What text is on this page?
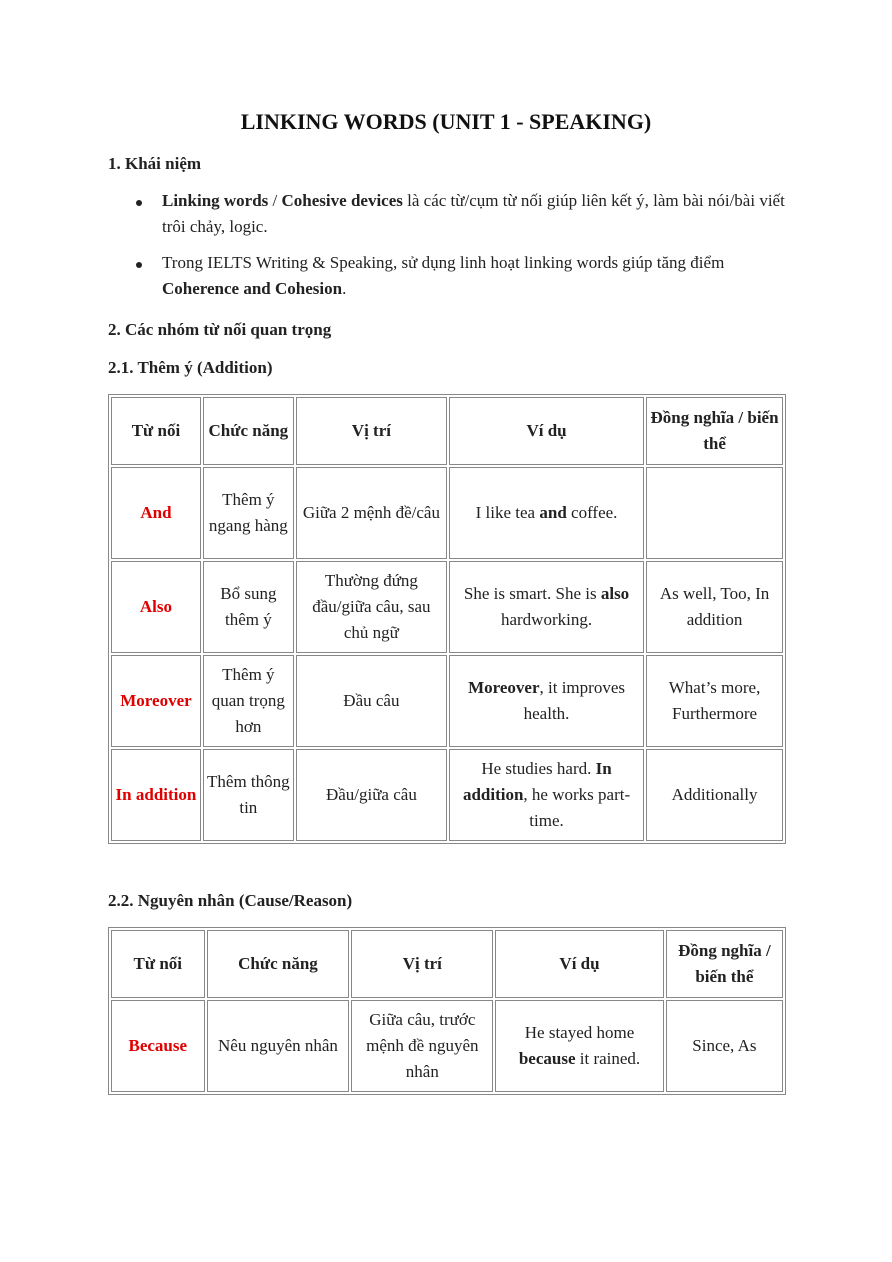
LINKING WORDS (UNIT 1 - SPEAKING)
1. Khái niệm
Linking words / Cohesive devices là các từ/cụm từ nối giúp liên kết ý, làm bài nói/bài viết trôi chảy, logic.
Trong IELTS Writing & Speaking, sử dụng linh hoạt linking words giúp tăng điểm Coherence and Cohesion.
2. Các nhóm từ nối quan trọng
2.1. Thêm ý (Addition)
Từ nối	Chức năng	Vị trí	Ví dụ	Đồng nghĩa / biến thể
And	Thêm ý ngang hàng	Giữa 2 mệnh đề/câu	I like tea and coffee.	
Also	Bổ sung thêm ý	Thường đứng đầu/giữa câu, sau chủ ngữ	She is smart. She is also hardworking.	As well, Too, In addition
Moreover	Thêm ý quan trọng hơn	Đầu câu	Moreover, it improves health.	What’s more, Furthermore
In addition	Thêm thông tin	Đầu/giữa câu	He studies hard. In addition, he works part-time.	Additionally
2.2. Nguyên nhân (Cause/Reason)
Từ nối	Chức năng	Vị trí	Ví dụ	Đồng nghĩa / biến thể
Because	Nêu nguyên nhân	Giữa câu, trước mệnh đề nguyên nhân	He stayed home because it rained.	Since, As
